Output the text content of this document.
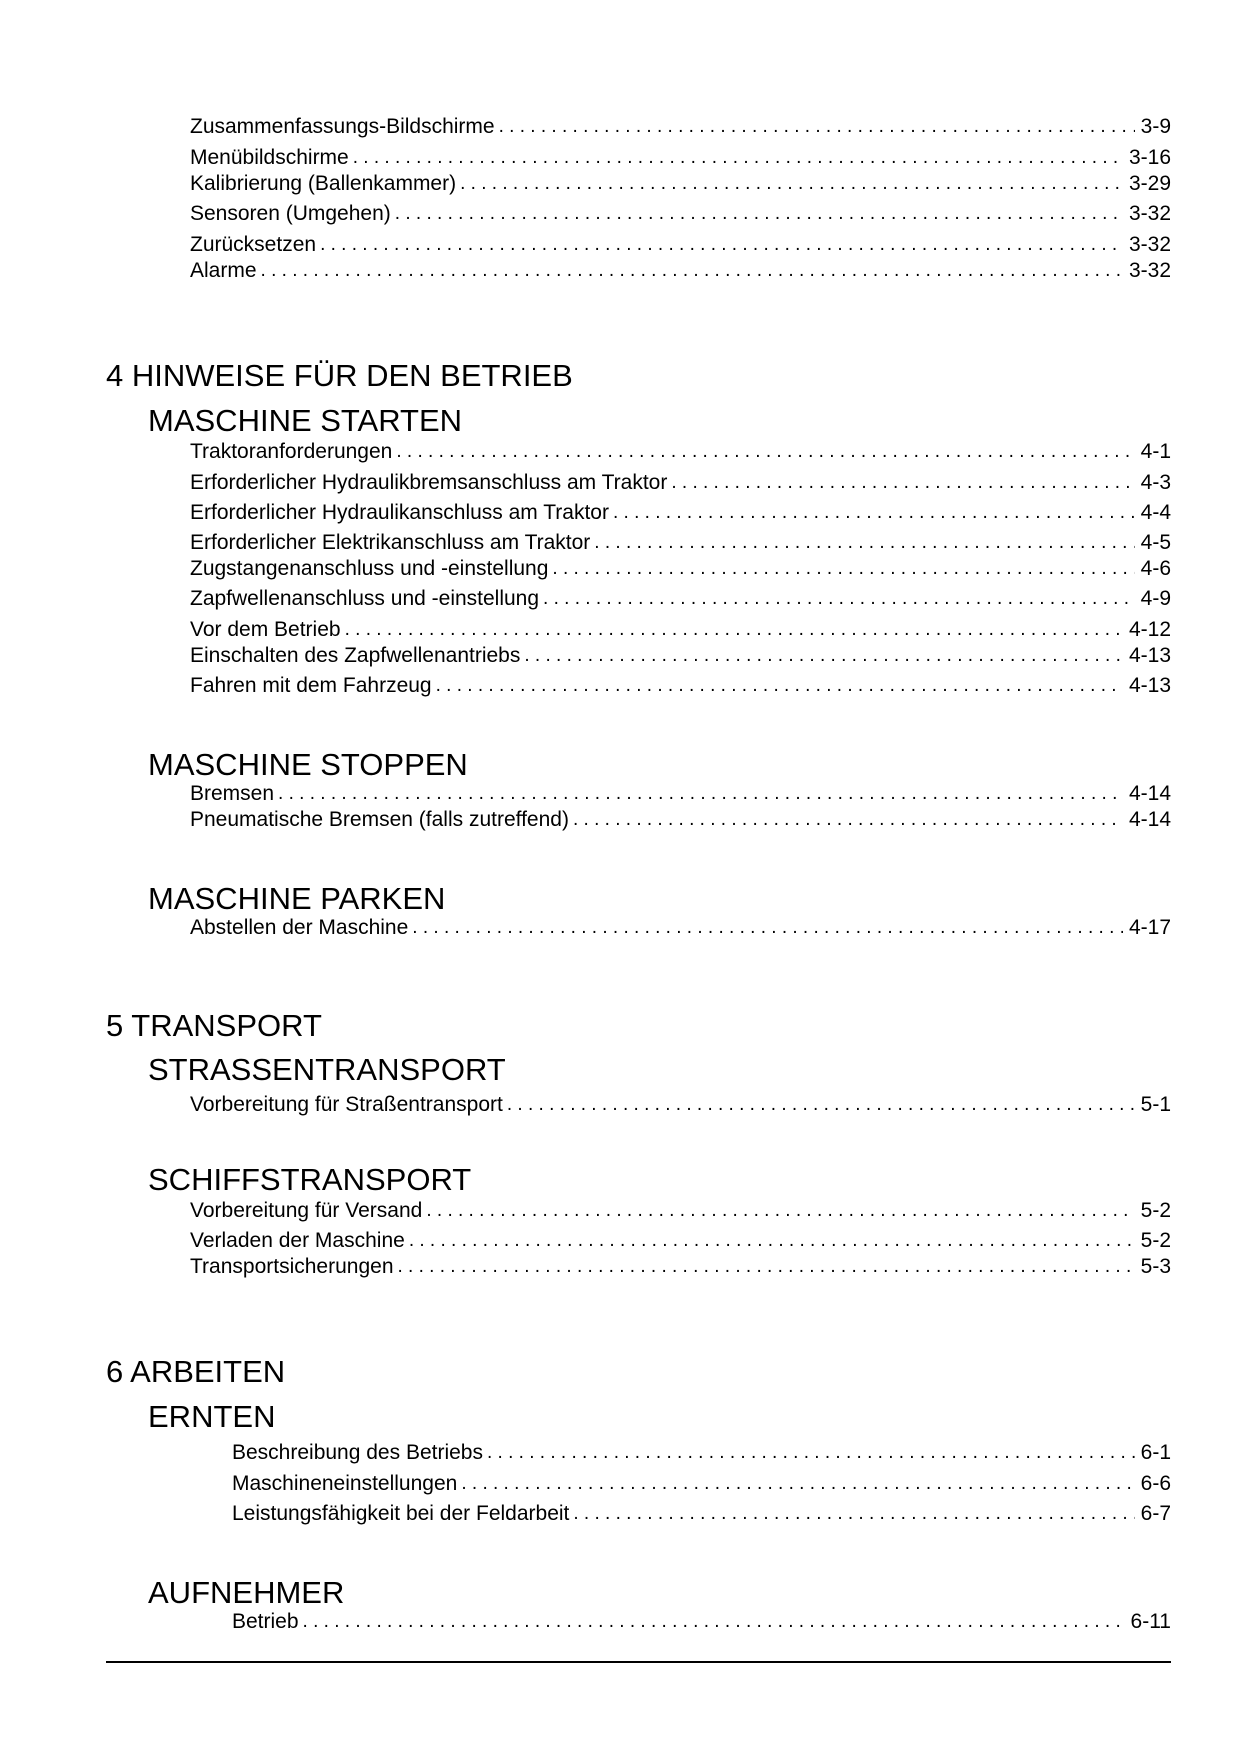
Zusammenfassungs-Bildschirme . . .	3-9
Menübildschirme . . .	3-16
Kalibrierung (Ballenkammer) . . .	3-29
Sensoren (Umgehen) . . .	3-32
Zurücksetzen . . .	3-32
Alarme . . .	3-32
4 HINWEISE FÜR DEN BETRIEB
MASCHINE STARTEN
Traktoranforderungen . . .	4-1
Erforderlicher Hydraulikbremsanschluss am Traktor . . .	4-3
Erforderlicher Hydraulikanschluss am Traktor . . .	4-4
Erforderlicher Elektrikanschluss am Traktor . . .	4-5
Zugstangenanschluss und -einstellung . . .	4-6
Zapfwellenanschluss und -einstellung . . .	4-9
Vor dem Betrieb . . .	4-12
Einschalten des Zapfwellenantriebs . . .	4-13
Fahren mit dem Fahrzeug . . .	4-13
MASCHINE STOPPEN
Bremsen . . .	4-14
Pneumatische Bremsen (falls zutreffend) . . .	4-14
MASCHINE PARKEN
Abstellen der Maschine . . .	4-17
5 TRANSPORT
STRASSENTRANSPORT
Vorbereitung für Straßentransport . . .	5-1
SCHIFFSTRANSPORT
Vorbereitung für Versand . . .	5-2
Verladen der Maschine . . .	5-2
Transportsicherungen . . .	5-3
6 ARBEITEN
ERNTEN
Beschreibung des Betriebs . . .	6-1
Maschineneinstellungen . . .	6-6
Leistungsfähigkeit bei der Feldarbeit . . .	6-7
AUFNEHMER
Betrieb . . .	6-11
